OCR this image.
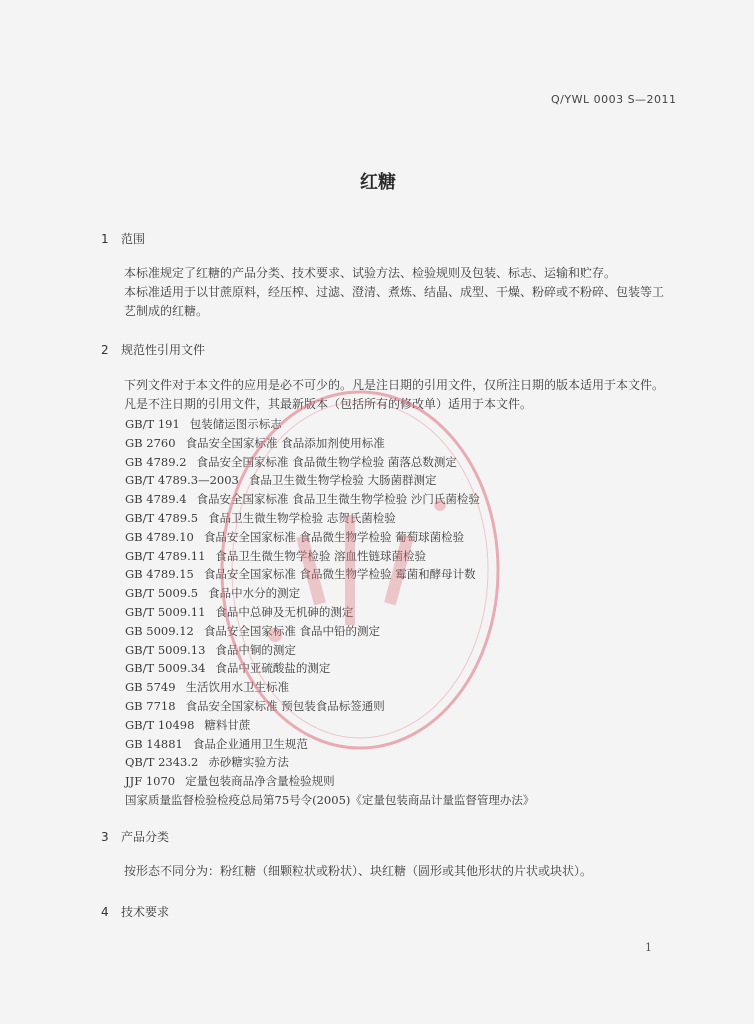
Q/YWL 0003 S—2011
红糖
1 范围
本标准规定了红糖的产品分类、技术要求、试验方法、检验规则及包装、标志、运输和贮存。
本标准适用于以甘蔗原料，经压榨、过滤、澄清、煮炼、结晶、成型、干燥、粉碎或不粉碎、包装等工艺制成的红糖。
2 规范性引用文件
下列文件对于本文件的应用是必不可少的。凡是注日期的引用文件，仅所注日期的版本适用于本文件。凡是不注日期的引用文件，其最新版本（包括所有的修改单）适用于本文件。
GB/T 191 包装储运图示标志
GB 2760 食品安全国家标准 食品添加剂使用标准
GB 4789.2 食品安全国家标准 食品微生物学检验 菌落总数测定
GB/T 4789.3—2003 食品卫生微生物学检验 大肠菌群测定
GB 4789.4 食品安全国家标准 食品卫生微生物学检验 沙门氏菌检验
GB/T 4789.5 食品卫生微生物学检验 志贺氏菌检验
GB 4789.10 食品安全国家标准 食品微生物学检验 葡萄球菌检验
GB/T 4789.11 食品卫生微生物学检验 溶血性链球菌检验
GB 4789.15 食品安全国家标准 食品微生物学检验 霉菌和酵母计数
GB/T 5009.5 食品中水分的测定
GB/T 5009.11 食品中总砷及无机砷的测定
GB 5009.12 食品安全国家标准 食品中铅的测定
GB/T 5009.13 食品中铜的测定
GB/T 5009.34 食品中亚硫酸盐的测定
GB 5749 生活饮用水卫生标准
GB 7718 食品安全国家标准 预包装食品标签通则
GB/T 10498 糖料甘蔗
GB 14881 食品企业通用卫生规范
QB/T 2343.2 赤砂糖实验方法
JJF 1070 定量包装商品净含量检验规则
国家质量监督检验检疫总局第75号令(2005)《定量包装商品计量监督管理办法》
3 产品分类
按形态不同分为：粉红糖（细颗粒状或粉状）、块红糖（圆形或其他形状的片状或块状）。
4 技术要求
1
